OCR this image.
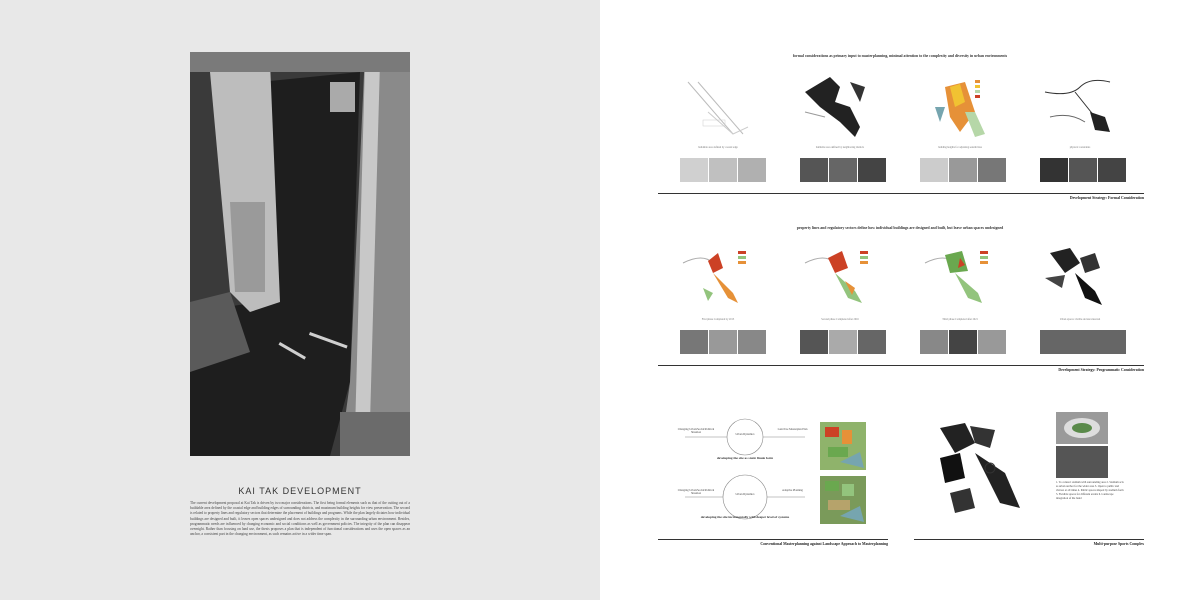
KAI TAK DEVELOPMENT
The current development proposal at Kai Tak is driven by two major considerations. The first being formal elements such as that of the cutting out of a buildable area defined by the coastal edge and building edges of surrounding districts, and maximum building heights for view preservation. The second is related to property lines and regulatory sectors that determine the placement of buildings and programs. While the plan largely dictates how individual buildings are designed and built, it leaves open spaces undesigned and does not address the complexity in the surrounding urban environment. Besides, programmatic needs are influenced by changing economic and social conditions as well as government policies. The integrity of the plan can disappear overnight. Rather than focusing on land use, the thesis proposes a plan that is independent of functional considerations and uses the open spaces as an anchor, a consistent part in the changing environment, as such remains active in a wider time span.
formal considerations as primary input to masterplanning, minimal attention to the complexity and diversity in urban environments
buildable area defined by coastal edge	buildable area defined by neighboring districts	building heights for adjoining sensitivities	physical constraints
Development Strategy: Formal Consideration
property lines and regulatory sectors define how individual buildings are designed and built, but leave urban spaces undesigned
First phase Completed by 2013	Second phase Completed after 2016	Third phase Completed after 2021	Urban spaces: visible and unconnected
Development Strategy: Programmatic Consideration
Changing Urban/Social/Political Situation
Urban Dynamics
Land Use Masterplan Plan
developing the site as static finale form
Changing Urban/Social/Political Situation	Urban Dynamics
Adaptive Planning
developing the site incrementally with deeper level of systems
Conventional Masterplanning against Landscape Approach to Masterplanning
1. To connect stadium with surrounding area 2. Stadium acts as urban anchor for the wider area 3. Open to public and visitors at all times 4. Public spaces shaped by stadium form 5. Flexible spaces for different events 6. Landscape integration of the bund
Multi-purpose Sports Complex
